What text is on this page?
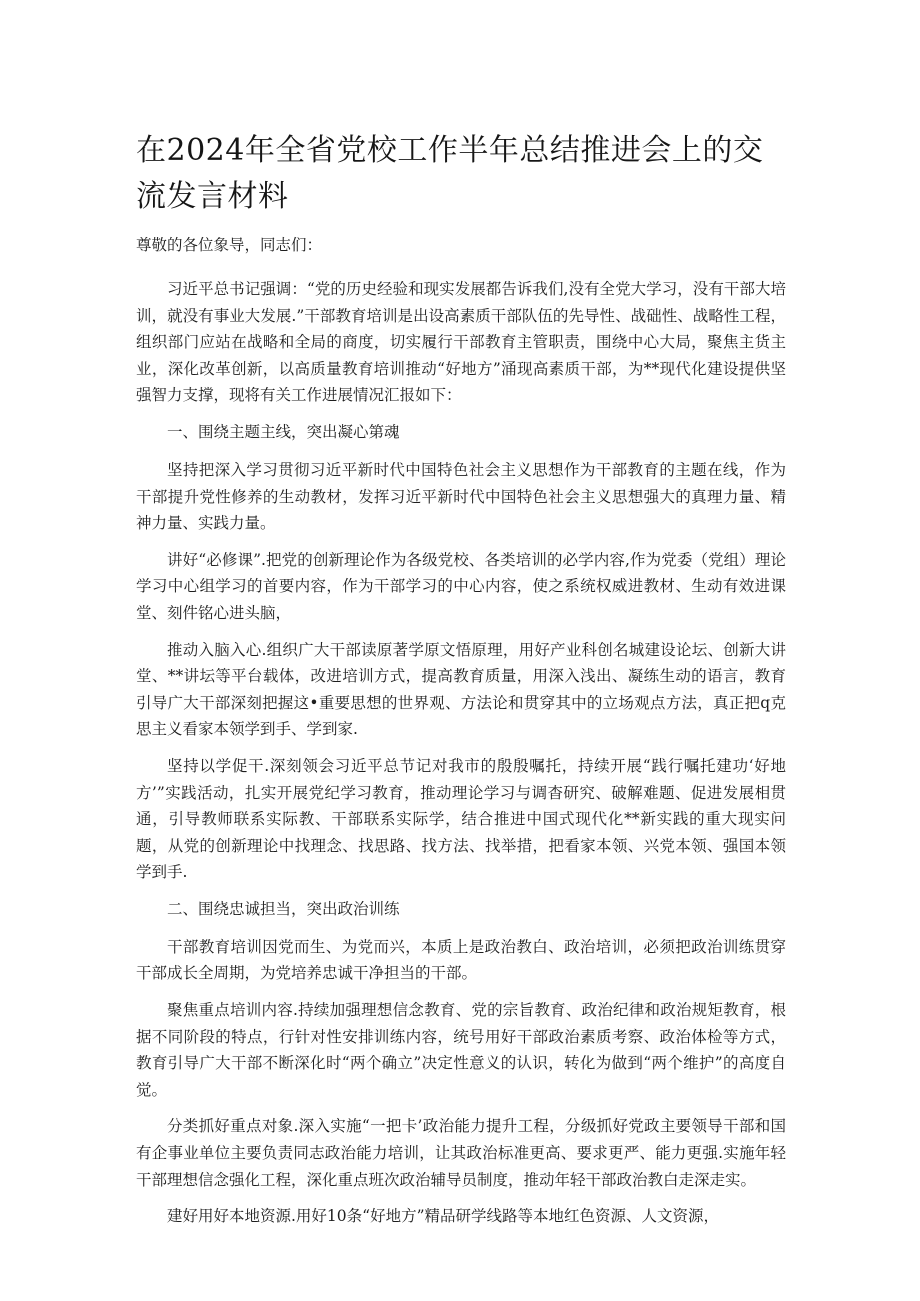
在2024年全省党校工作半年总结推进会上的交流发言材料

尊敬的各位象导，同志们：

习近平总书记强调：“党的历史经验和现实发展都告诉我们,没有全党大学习，没有干部大培训，就没有事业大发展.”干部教育培训是出设高素质干部队伍的先导性、战础性、战略性工程，组织部门应站在战略和全局的商度，切实履行干部教育主管职责，围绕中心大局，聚焦主货主业，深化改革创新，以高质量教育培训推动“好地方”涌现高素质干部，为**现代化建设提供坚强智力支撑，现将有关工作进展情况汇报如下：

一、围绕主题主线，突出凝心第魂

坚持把深入学习贯彻习近平新时代中国特色社会主义思想作为干部教育的主题在线，作为干部提升党性修养的生动教材，发挥习近平新时代中国特色社会主义思想强大的真理力量、精神力量、实践力量。

讲好“必修课”.把党的创新理论作为各级党校、各类培训的必学内容,作为党委（党组）理论学习中心组学习的首要内容，作为干部学习的中心内容，使之系统权威进教材、生动有效进课堂、刻件铭心进头脑，

推动入脑入心.组织广大干部读原著学原文悟原理，用好产业科创名城建设论坛、创新大讲堂、**讲坛等平台载体，改进培训方式，提高教育质量，用深入浅出、凝练生动的语言，教育引导广大干部深刻把握这•重要思想的世界观、方法论和贯穿其中的立场观点方法，真正把q克思主义看家本领学到手、学到家.

坚持以学促干.深刻领会习近平总节记对我市的殷殷嘱托，持续开展“践行嘱托建功‘好地方’”实践活动，扎实开展党纪学习教育，推动理论学习与调杳研究、破解难题、促进发展相贯通，引导教师联系实际教、干部联系实际学，结合推进中国式现代化**新实践的重大现实问题，从党的创新理论中找理念、找思路、找方法、找举措，把看家本领、兴党本领、强国本领学到手.

二、围绕忠诚担当，突出政治训练

干部教育培训因党而生、为党而兴，本质上是政治教白、政治培训，必须把政治训练贯穿干部成长全周期，为党培养忠诚干净担当的干部。

聚焦重点培训内容.持续加强理想信念教育、党的宗旨教育、政治纪律和政治规矩教育，根据不同阶段的特点，行针对性安排训练内容，统号用好干部政治素质考察、政治体检等方式，教育引导广大干部不断深化时“两个确立”决定性意义的认识，转化为做到“两个维护”的高度自觉。

分类抓好重点对象.深入实施“一把卡’政治能力提升工程，分级抓好党政主要领导干部和国有企事业单位主要负责同志政治能力培训，让其政治标准更高、要求更严、能力更强.实施年轻干部理想信念强化工程，深化重点班次政治辅导员制度，推动年轻干部政治教白走深走实。

建好用好本地资源.用好10条“好地方”精品研学线路等本地红色资源、人文资源，
